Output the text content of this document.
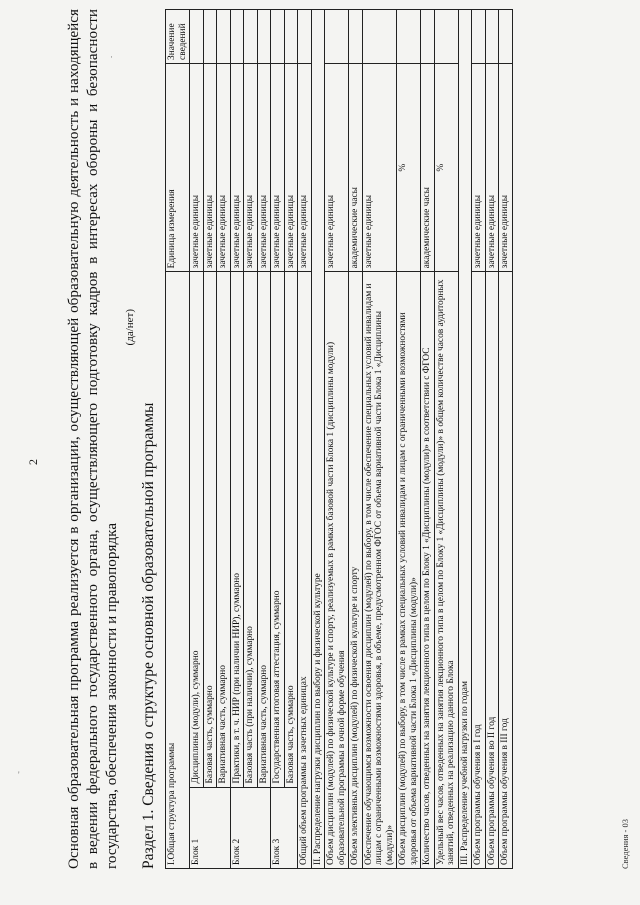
·
'
2 Основная образовательная программа реализуется в организации, осуществляющей образовательную деятельность и находящейся в ведении федерального государственного органа, осуществляющего подготовку кадров в интересах обороны и безопасности государства, обеспечения законности и правопорядка
(да/нет)
Раздел 1. Сведения о структуре основной образовательной программы I.Общая структура программы		Единица измерения	Значение сведений
Блок 1	Дисциплины (модули), суммарно	зачетные единицы	
	Базовая часть, суммарно	зачетные единицы	
	Вариативная часть, суммарно	зачетные единицы	
Блок 2	Практики, в т. ч. НИР (при наличии НИР), суммарно	зачетные единицы	
	Базовая часть (при наличии), суммарно	зачетные единицы	
	Вариативная часть, суммарно	зачетные единицы	
Блок 3	Государственная итоговая аттестация, суммарно	зачетные единицы	
	Базовая часть, суммарно	зачетные единицы	
Общий объем программы в зачетных единицах		зачетные единицы	
II. Распределение нагрузки дисциплин по выбору и физической культуре			
Объем дисциплин (модулей) по физической культуре и спорту, реализуемых в рамках базовой части Блока 1 (дисциплины модули) образовательной программы в очной форме обучения		зачетные единицы	
Объем элективных дисциплин (модулей) по физической культуре и спорту		академические часы	
Обеспечение обучающимся возможности освоения дисциплин (модулей) по выбору, в том числе обеспечение специальных условий инвалидам и лицам с ограниченными возможностями здоровья, в объеме, предусмотренном ФГОС от объема вариативной части Блока 1 «Дисциплины (модули)»		зачетные единицы	
Объем дисциплин (модулей) по выбору, в том числе в рамках специальных условий инвалидам и лицам с ограниченными возможностями здоровья от объема вариативной части Блока 1 «Дисциплины (модули)»		%	
Количество часов, отведенных на занятия лекционного типа в целом по Блоку 1 «Дисциплины (модули)» в соответствии с ФГОС		академические часы	
Удельный вес часов, отведенных на занятия лекционного типа в целом по Блоку 1 «Дисциплины (модули)» в общем количестве часов аудиторных занятий, отведенных на реализацию данного Блока		%	
III. Распределение учебной нагрузки по годам			
Объем программы обучения в I год		зачетные единицы	
Объем программы обучения во II год		зачетные единицы	
Объем программы обучения в III год		зачетные единицы	
Сведения - 03
